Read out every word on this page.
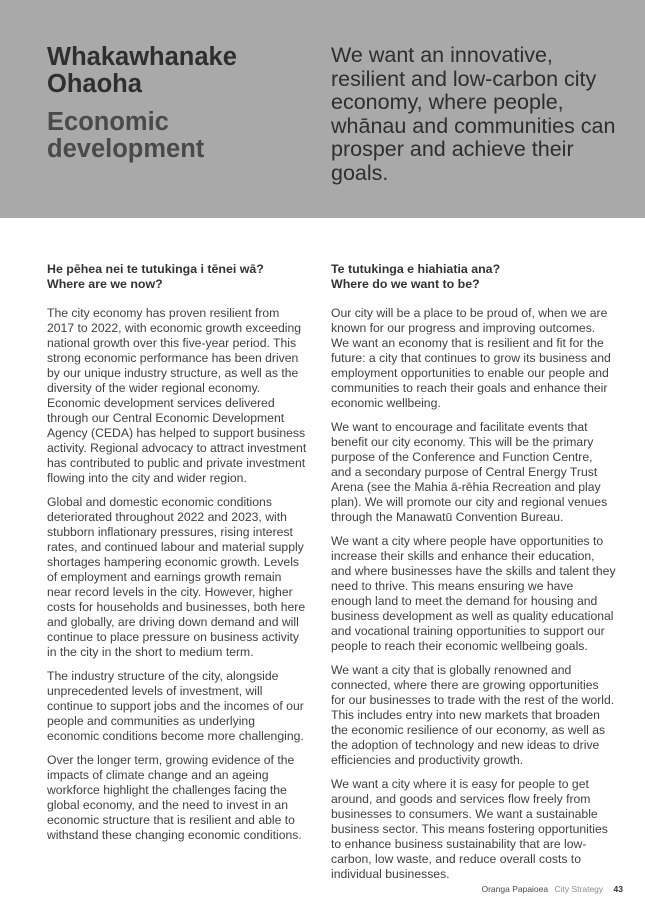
Whakawhanake Ohaoha
Economic development

We want an innovative, resilient and low-carbon city economy, where people, whānau and communities can prosper and achieve their goals.

He pēhea nei te tutukinga i tēnei wā?
Where are we now?

The city economy has proven resilient from 2017 to 2022, with economic growth exceeding national growth over this five-year period. This strong economic performance has been driven by our unique industry structure, as well as the diversity of the wider regional economy. Economic development services delivered through our Central Economic Development Agency (CEDA) has helped to support business activity. Regional advocacy to attract investment has contributed to public and private investment flowing into the city and wider region.

Global and domestic economic conditions deteriorated throughout 2022 and 2023, with stubborn inflationary pressures, rising interest rates, and continued labour and material supply shortages hampering economic growth. Levels of employment and earnings growth remain near record levels in the city. However, higher costs for households and businesses, both here and globally, are driving down demand and will continue to place pressure on business activity in the city in the short to medium term.

The industry structure of the city, alongside unprecedented levels of investment, will continue to support jobs and the incomes of our people and communities as underlying economic conditions become more challenging.

Over the longer term, growing evidence of the impacts of climate change and an ageing workforce highlight the challenges facing the global economy, and the need to invest in an economic structure that is resilient and able to withstand these changing economic conditions.

Te tutukinga e hiahiatia ana?
Where do we want to be?

Our city will be a place to be proud of, when we are known for our progress and improving outcomes. We want an economy that is resilient and fit for the future: a city that continues to grow its business and employment opportunities to enable our people and communities to reach their goals and enhance their economic wellbeing.

We want to encourage and facilitate events that benefit our city economy. This will be the primary purpose of the Conference and Function Centre, and a secondary purpose of Central Energy Trust Arena (see the Mahia ā-rēhia Recreation and play plan). We will promote our city and regional venues through the Manawatū Convention Bureau.

We want a city where people have opportunities to increase their skills and enhance their education, and where businesses have the skills and talent they need to thrive. This means ensuring we have enough land to meet the demand for housing and business development as well as quality educational and vocational training opportunities to support our people to reach their economic wellbeing goals.

We want a city that is globally renowned and connected, where there are growing opportunities for our businesses to trade with the rest of the world. This includes entry into new markets that broaden the economic resilience of our economy, as well as the adoption of technology and new ideas to drive efficiencies and productivity growth.

We want a city where it is easy for people to get around, and goods and services flow freely from businesses to consumers. We want a sustainable business sector. This means fostering opportunities to enhance business sustainability that are low-carbon, low waste, and reduce overall costs to individual businesses.

Oranga Papaioea City Strategy 43
